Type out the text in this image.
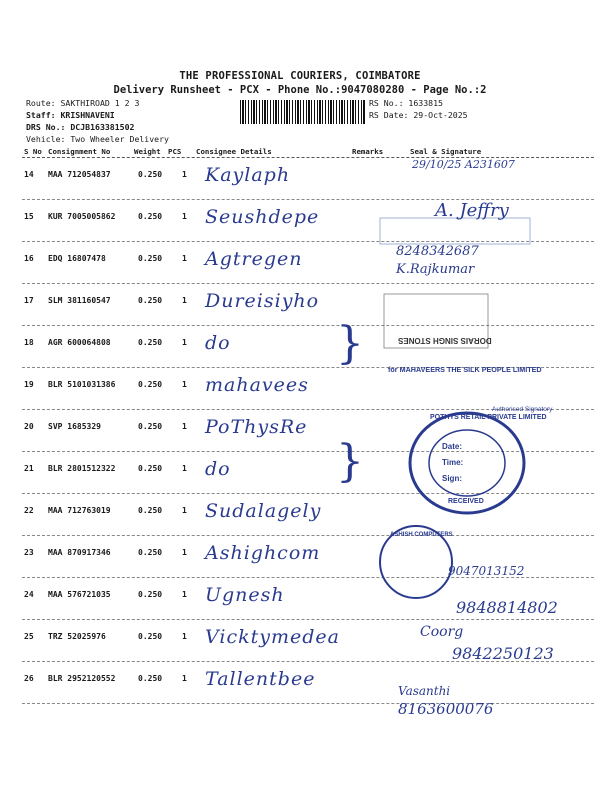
THE PROFESSIONAL COURIERS, COIMBATORE
Delivery Runsheet - PCX - Phone No.:9047080280 - Page No.:2
Route: SAKTHIROAD 1 2 3
Staff: KRISHNAVENI
DRS No.: DCJB163381502
Vehicle: Two Wheeler Delivery
RS No.: 1633815
RS Date: 29-Oct-2025
S No Consignment No	Weight PCS Consignee Details	Remarks	Seal & Signature
14 MAA 712054837	0.250 1 Kaylaph
15 KUR 7005005862	0.250 1 Seushdepe
16 EDQ 16807478	0.250 1 Agtregen
17 SLM 381160547	0.250 1 Dureisiyho
18 AGR 600064808	0.250 1 do
19 BLR 5101031386	0.250 1 mahavees
20 SVP 1685329	0.250 1 PoThysRe
21 BLR 2801512322	0.250 1 do
22 MAA 712763019	0.250 1 Sudalagely
23 MAA 870917346	0.250 1 Ashighcom
24 MAA 576721035	0.250 1 Ugnesh
25 TRZ 52025976	0.250 1 Vicktymedea
26 BLR 2952120552	0.250 1 Tallentbee
DORAIS SINGH STONES
for MAHAVEERS THE SILK PEOPLE LIMITED
Authorised Signatory
POTHYS RETAIL PRIVATE LIMITED
Date:
Time:
Sign:
RECEIVED
ASHISH COMPUTERS
29/10/25 A231607
A. Jeffry
8248342687
K.Rajkumar
9047013152
9848814802
Coorg
9842250123
Vasanthi
8163600076
}
}
